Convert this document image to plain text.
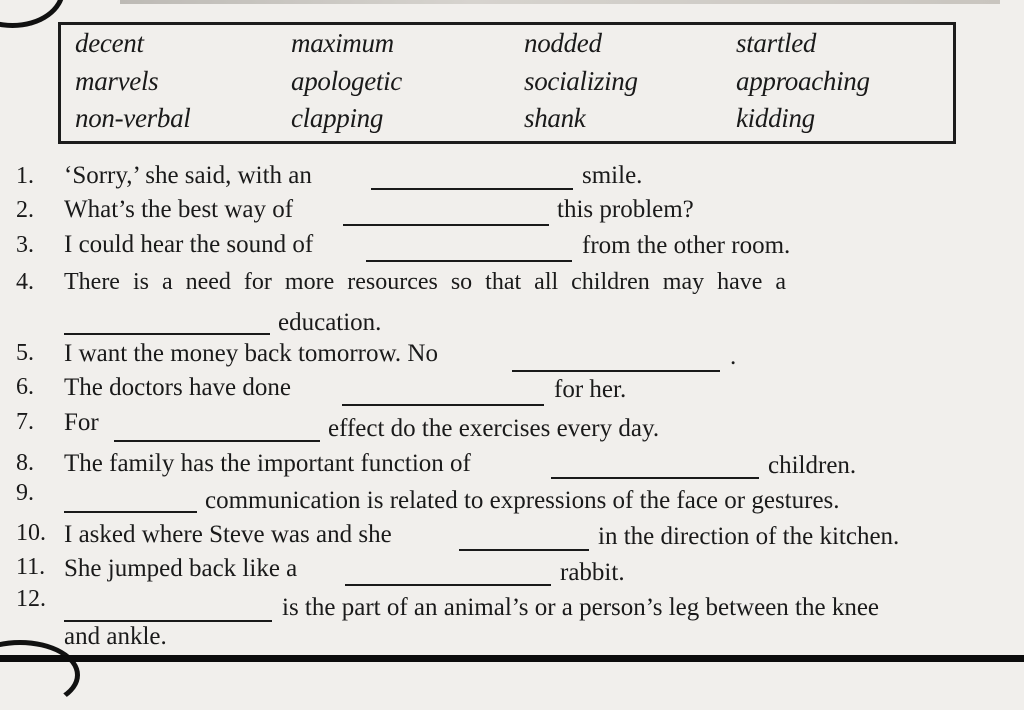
decent	maximum	nodded	startled
marvels	apologetic	socializing	approaching
non-verbal	clapping	shank	kidding
1. ‘Sorry,’ she said, with an	smile.
2. What’s the best way of	this problem?
3. I could hear the sound of	from the other room.
4. There is a need for more resources so that all children may have a
education.
5. I want the money back tomorrow. No	.
6. The doctors have done	for her.
7. For	effect do the exercises every day.
8. The family has the important function of	children.
9.	communication is related to expressions of the face or gestures.
10. I asked where Steve was and she	in the direction of the kitchen.
11. She jumped back like a	rabbit.
12.	is the part of an animal’s or a person’s leg between the knee
and ankle.
